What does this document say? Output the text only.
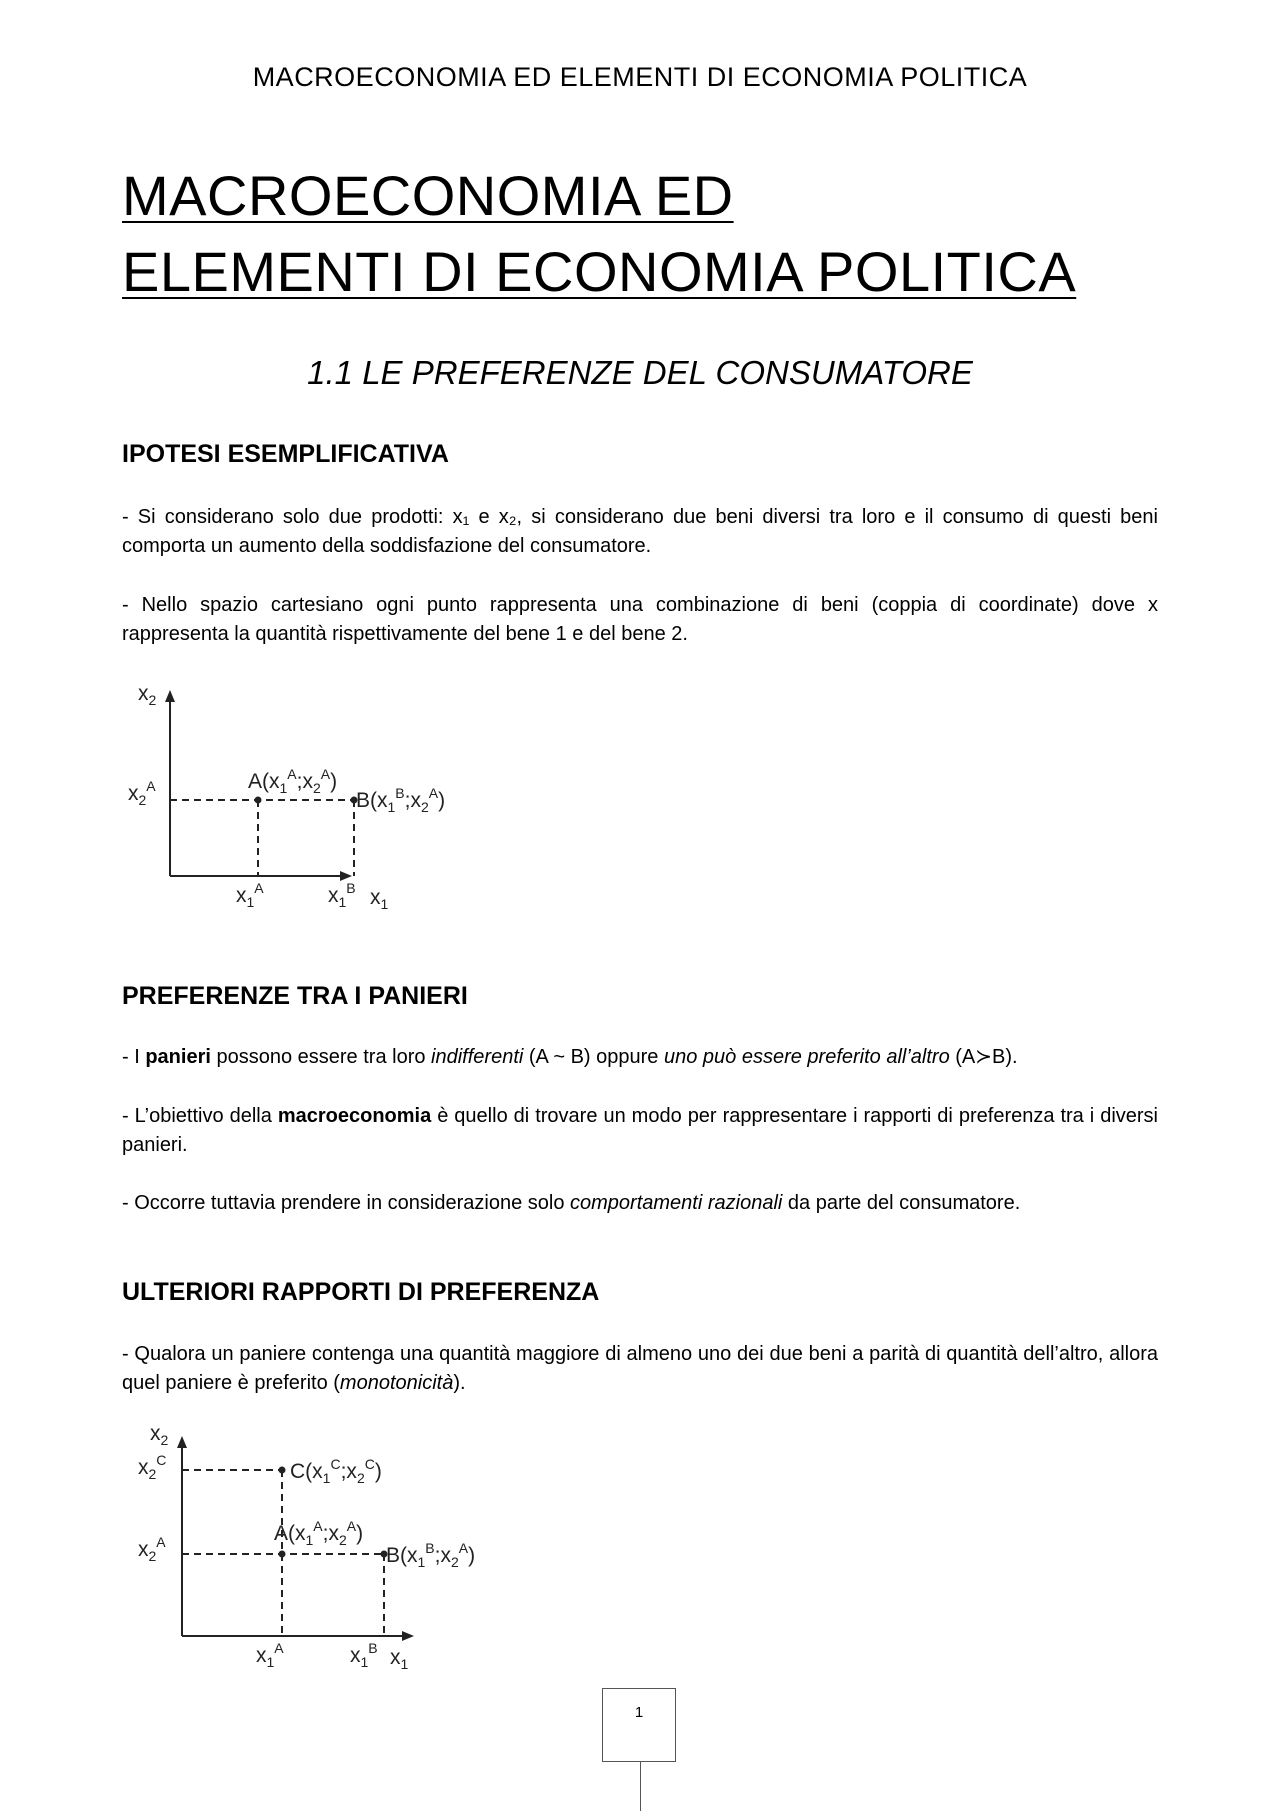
MACROECONOMIA ED ELEMENTI DI ECONOMIA POLITICA
MACROECONOMIA ED
ELEMENTI DI ECONOMIA POLITICA
1.1 LE PREFERENZE DEL CONSUMATORE
IPOTESI ESEMPLIFICATIVA

- Si considerano solo due prodotti: x₁ e x₂, si considerano due beni diversi tra loro e il consumo di questi beni comporta un aumento della soddisfazione del consumatore.

- Nello spazio cartesiano ogni punto rappresenta una combinazione di beni (coppia di coordinate) dove x rappresenta la quantità rispettivamente del bene 1 e del bene 2.

$x_2$
$x_1$
$x_2^A$
$x_1^A$	$x_1^B$
$A(x_1^A;x_2^A)$
$B(x_1^B;x_2^A)$
PREFERENZE TRA I PANIERI

- I panieri possono essere tra loro indifferenti (A ~ B) oppure uno può essere preferito all’altro (A≻B).

- L’obiettivo della macroeconomia è quello di trovare un modo per rappresentare i rapporti di preferenza tra i diversi panieri.

- Occorre tuttavia prendere in considerazione solo comportamenti razionali da parte del consumatore.

ULTERIORI RAPPORTI DI PREFERENZA

- Qualora un paniere contenga una quantità maggiore di almeno uno dei due beni a parità di quantità dell’altro, allora quel paniere è preferito (monotonicità).

$x_2$
$x_1$
$x_2^C$
$x_2^A$
$x_1^A$	$x_1^B$
$C(x_1^C;x_2^C)$
$A(x_1^A;x_2^A)$
$B(x_1^B;x_2^A)$
1
